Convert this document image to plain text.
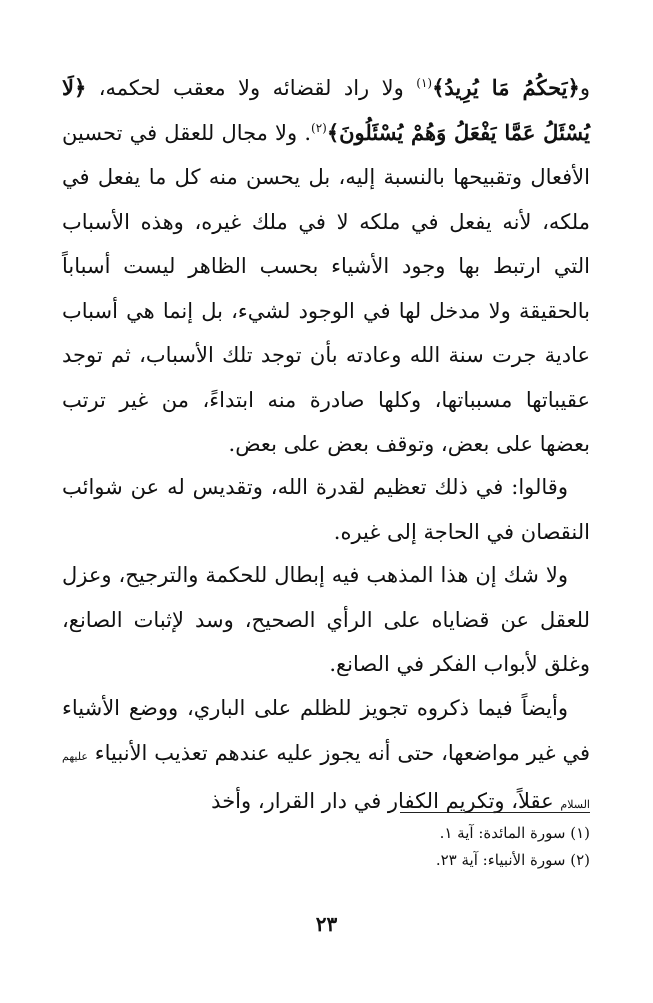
و﴿يَحكُمُ مَا يُرِيدُ﴾$^{(١)}$ ولا راد لقضائه ولا معقب لحكمه، ﴿لَا يُسْئَلُ عَمَّا يَفْعَلُ وَهُمْ يُسْئَلُونَ﴾$^{(٢)}$. ولا مجال للعقل في تحسين الأفعال وتقبيحها بالنسبة إليه، بل يحسن منه كل ما يفعل في ملكه، لأنه يفعل في ملكه لا في ملك غيره، وهذه الأسباب التي ارتبط بها وجود الأشياء بحسب الظاهر ليست أسباباً بالحقيقة ولا مدخل لها في الوجود لشيء، بل إنما هي أسباب عادية جرت سنة الله وعادته بأن توجد تلك الأسباب، ثم توجد عقيباتها مسبباتها، وكلها صادرة منه ابتداءً، من غير ترتب بعضها على بعض، وتوقف بعض على بعض.

وقالوا: في ذلك تعظيم لقدرة الله، وتقديس له عن شوائب النقصان في الحاجة إلى غيره.

ولا شك إن هذا المذهب فيه إبطال للحكمة والترجيح، وعزل للعقل عن قضاياه على الرأي الصحيح، وسد لإثبات الصانع، وغلق لأبواب الفكر في الصانع.

وأيضاً فيما ذكروه تجويز للظلم على الباري، ووضع الأشياء في غير مواضعها، حتى أنه يجوز عليه عندهم تعذيب الأنبياء عليهم السلام عقلاً، وتكريم الكفار في دار القرار، وأخذ

(١) سورة المائدة: آية ١.

(٢) سورة الأنبياء: آية ٢٣.

٢٣
